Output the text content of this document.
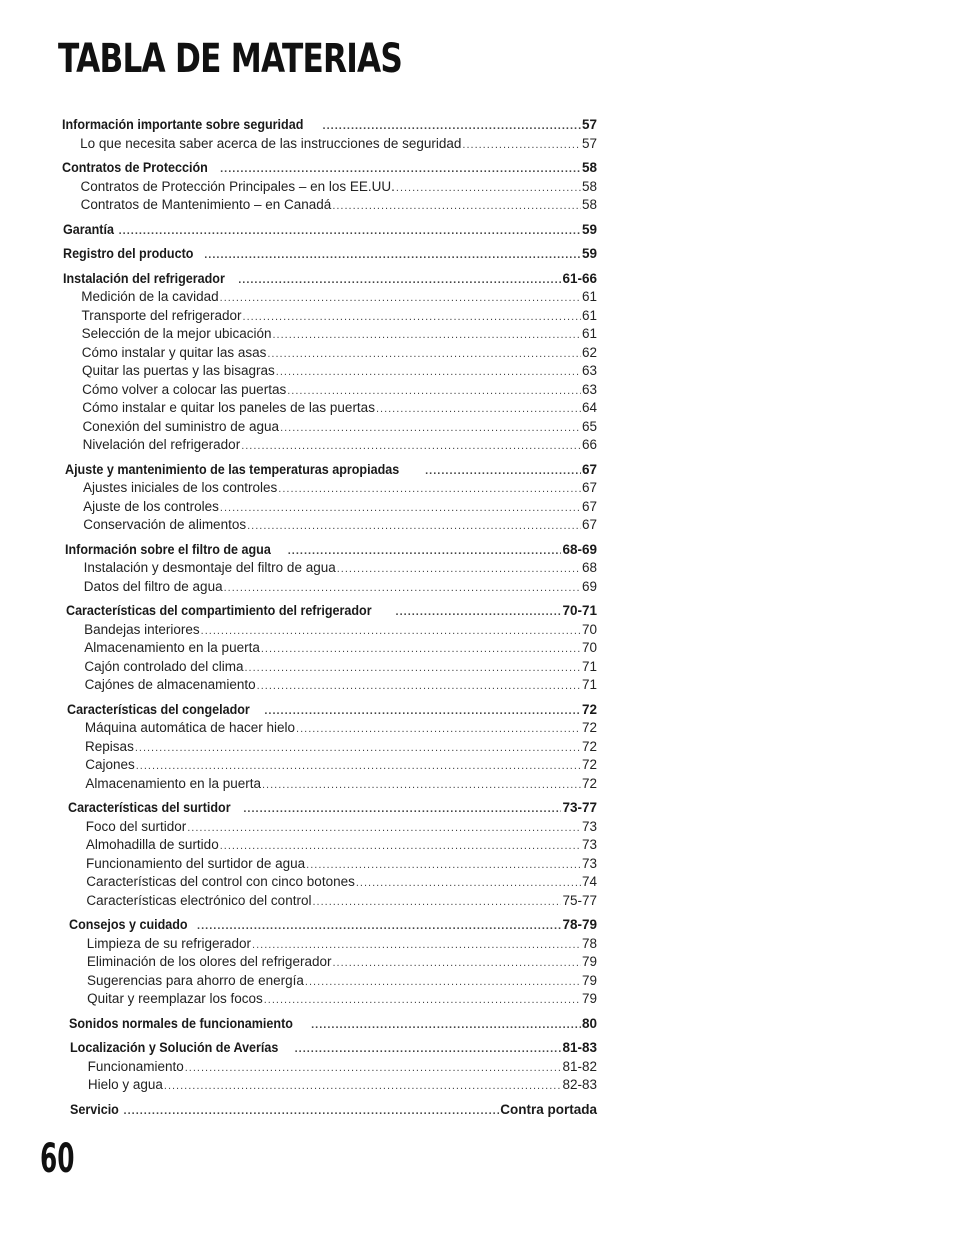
TABLA DE MATERIAS
Información importante sobre seguridad .....	57
Lo que necesita saber acerca de las instrucciones de seguridad .....	57
Contratos de Protección .....	58
Contratos de Protección Principales – en los EE.UU. .....	58
Contratos de Mantenimiento – en Canadá .....	58
Garantía .....	59
Registro del producto .....	59
Instalación del refrigerador .....	61-66
Medición de la cavidad .....	61
Transporte del refrigerador .....	61
Selección de la mejor ubicación .....	61
Cómo instalar y quitar las asas .....	62
Quitar las puertas y las bisagras .....	63
Cómo volver a colocar las puertas .....	63
Cómo instalar e quitar los paneles de las puertas .....	64
Conexión del suministro de agua .....	65
Nivelación del refrigerador .....	66
Ajuste y mantenimiento de las temperaturas apropiadas .....	67
Ajustes iniciales de los controles .....	67
Ajuste de los controles .....	67
Conservación de alimentos .....	67
Información sobre el filtro de agua .....	68-69
Instalación y desmontaje del filtro de agua .....	68
Datos del filtro de agua .....	69
Características del compartimiento del refrigerador .....	70-71
Bandejas interiores .....	70
Almacenamiento en la puerta .....	70
Cajón controlado del clima .....	71
Cajónes de almacenamiento .....	71
Características del congelador .....	72
Máquina automática de hacer hielo .....	72
Repisas .....	72
Cajones .....	72
Almacenamiento en la puerta .....	72
Características del surtidor .....	73-77
Foco del surtidor .....	73
Almohadilla de surtido .....	73
Funcionamiento del surtidor de agua .....	73
Características del control con cinco botones .....	74
Características electrónico del control .....	75-77
Consejos y cuidado .....	78-79
Limpieza de su refrigerador .....	78
Eliminación de los olores del refrigerador .....	79
Sugerencias para ahorro de energía .....	79
Quitar y reemplazar los focos .....	79
Sonidos normales de funcionamiento .....	80
Localización y Solución de Averías .....	81-83
Funcionamiento .....	81-82
Hielo y agua .....	82-83
Servicio .....	Contra portada
60
